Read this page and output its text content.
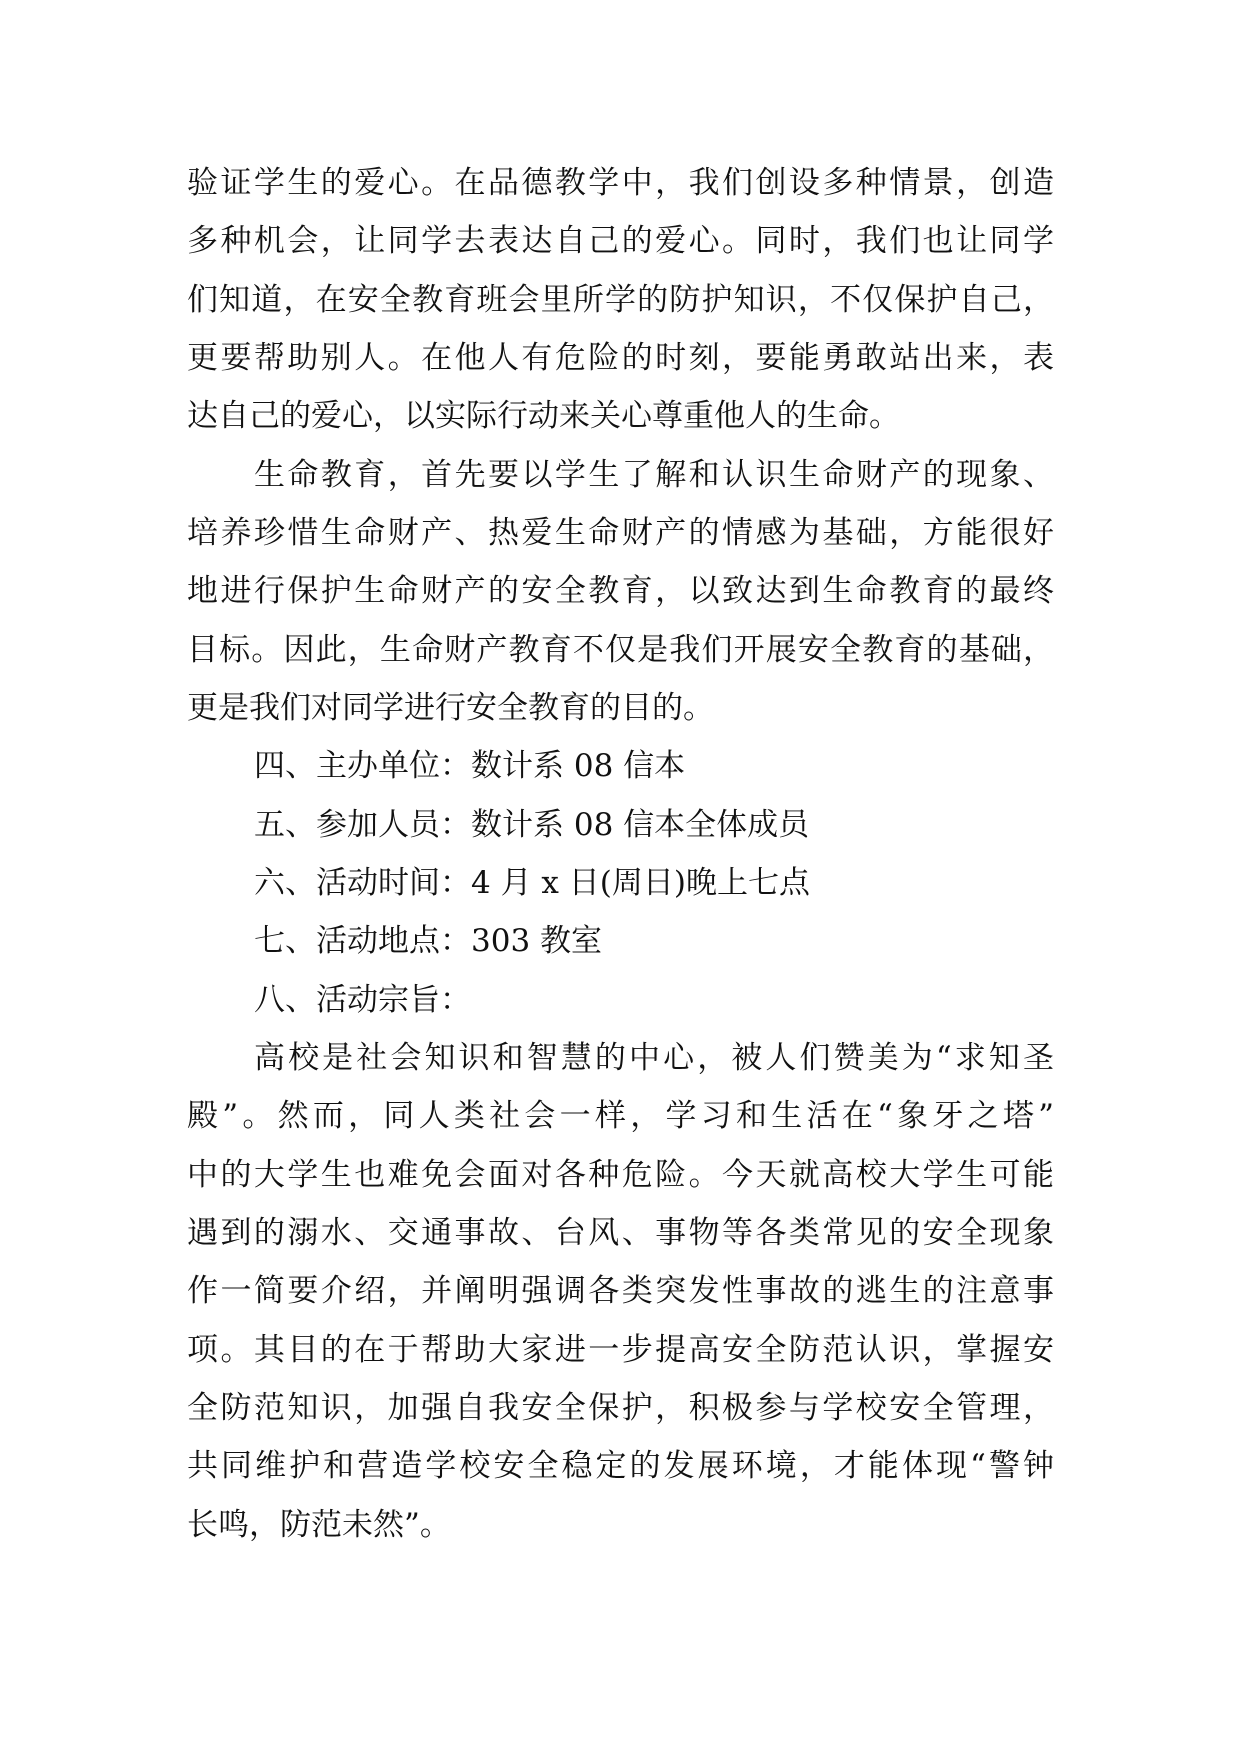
验证学生的爱心。在品德教学中，我们创设多种情景，创造
多种机会，让同学去表达自己的爱心。同时，我们也让同学
们知道，在安全教育班会里所学的防护知识，不仅保护自己，
更要帮助别人。在他人有危险的时刻，要能勇敢站出来，表
达自己的爱心，以实际行动来关心尊重他人的生命。
生命教育，首先要以学生了解和认识生命财产的现象、
培养珍惜生命财产、热爱生命财产的情感为基础，方能很好
地进行保护生命财产的安全教育，以致达到生命教育的最终
目标。因此，生命财产教育不仅是我们开展安全教育的基础，
更是我们对同学进行安全教育的目的。
四、主办单位：数计系 08 信本
五、参加人员：数计系 08 信本全体成员
六、活动时间：4 月 x 日(周日)晚上七点
七、活动地点：303 教室
八、活动宗旨：
高校是社会知识和智慧的中心，被人们赞美为“求知圣
殿”。然而，同人类社会一样，学习和生活在“象牙之塔”
中的大学生也难免会面对各种危险。今天就高校大学生可能
遇到的溺水、交通事故、台风、事物等各类常见的安全现象
作一简要介绍，并阐明强调各类突发性事故的逃生的注意事
项。其目的在于帮助大家进一步提高安全防范认识，掌握安
全防范知识，加强自我安全保护，积极参与学校安全管理，
共同维护和营造学校安全稳定的发展环境，才能体现“警钟
长鸣，防范未然”。
